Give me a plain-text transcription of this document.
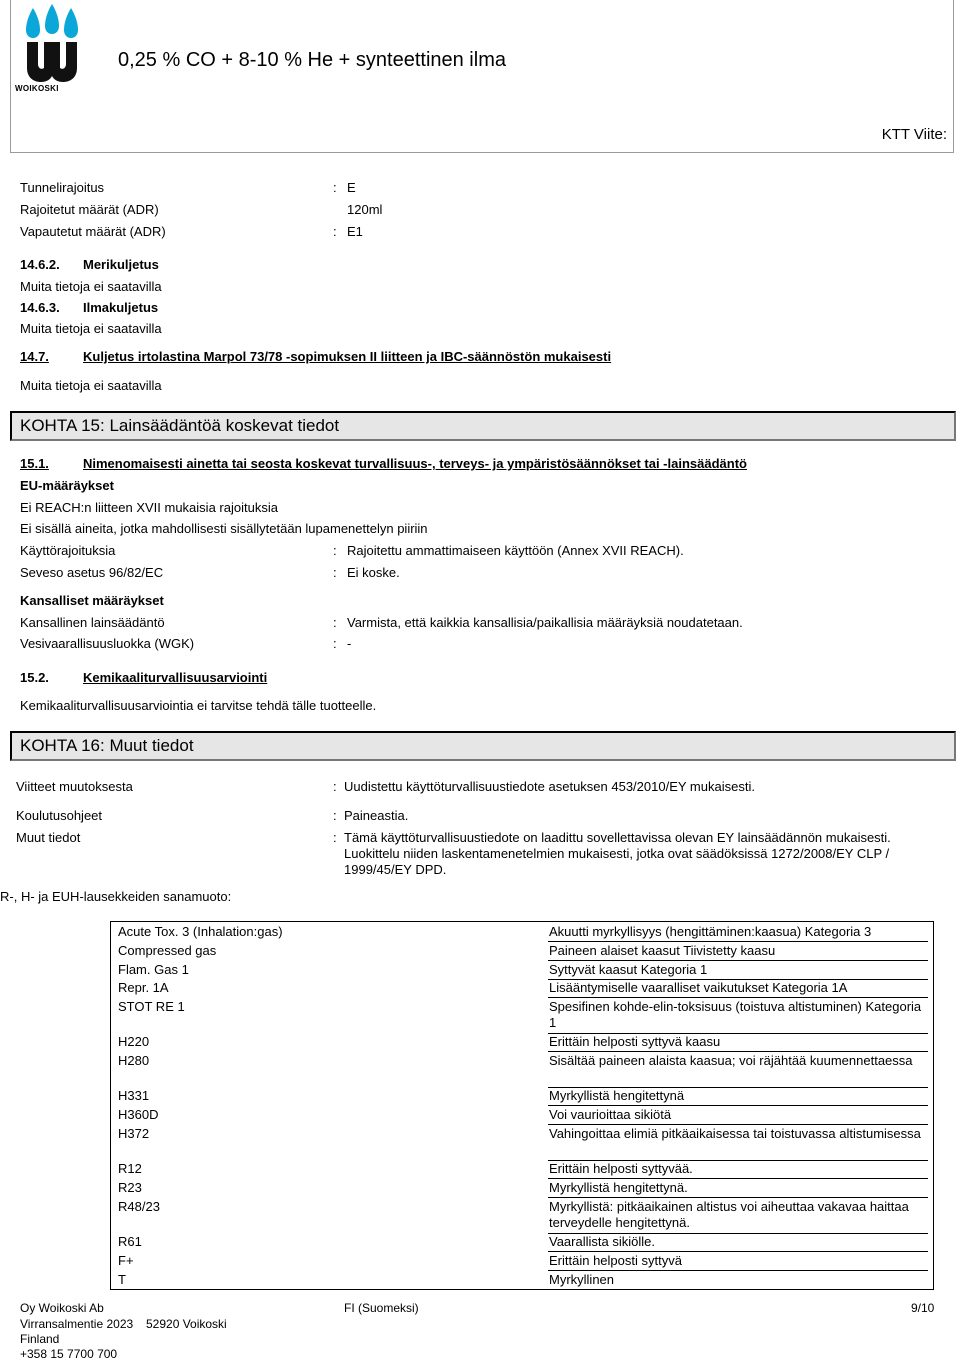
WOIKOSKI
0,25 % CO + 8-10 % He + synteettinen ilma
KTT Viite:
Tunnelirajoitus	: E
Rajoitetut määrät (ADR)	120ml
Vapautetut määrät (ADR)	: E1
14.6.2. Merikuljetus
Muita tietoja ei saatavilla
14.6.3. Ilmakuljetus
Muita tietoja ei saatavilla
14.7.	Kuljetus irtolastina Marpol 73/78 -sopimuksen II liitteen ja IBC-säännöstön mukaisesti
Muita tietoja ei saatavilla
KOHTA 15: Lainsäädäntöä koskevat tiedot
15.1.	Nimenomaisesti ainetta tai seosta koskevat turvallisuus-, terveys- ja ympäristösäännökset tai -lainsäädäntö
EU-määräykset
Ei REACH:n liitteen XVII mukaisia rajoituksia
Ei sisällä aineita, jotka mahdollisesti sisällytetään lupamenettelyn piiriin
Käyttörajoituksia	: Rajoitettu ammattimaiseen käyttöön (Annex XVII REACH).
Seveso asetus 96/82/EC	: Ei koske.
Kansalliset määräykset
Kansallinen lainsäädäntö	: Varmista, että kaikkia kansallisia/paikallisia määräyksiä noudatetaan.
Vesivaarallisuusluokka (WGK)	: -
15.2.	Kemikaaliturvallisuusarviointi
Kemikaaliturvallisuusarviointia ei tarvitse tehdä tälle tuotteelle.
KOHTA 16: Muut tiedot
Viitteet muutoksesta	: Uudistettu käyttöturvallisuustiedote asetuksen 453/2010/EY mukaisesti.
Koulutusohjeet	: Paineastia.
Muut tiedot	: Tämä käyttöturvallisuustiedote on laadittu sovellettavissa olevan EY lainsäädännön mukaisesti.
Luokittelu niiden laskentamenetelmien mukaisesti, jotka ovat säädöksissä 1272/2008/EY CLP /
1999/45/EY DPD.
R-, H- ja EUH-lausekkeiden sanamuoto:
Acute Tox. 3 (Inhalation:gas)	Akuutti myrkyllisyys (hengittäminen:kaasua) Kategoria 3
Compressed gas	Paineen alaiset kaasut Tiivistetty kaasu
Flam. Gas 1	Syttyvät kaasut Kategoria 1
Repr. 1A	Lisääntymiselle vaaralliset vaikutukset Kategoria 1A
STOT RE 1	Spesifinen kohde-elin-toksisuus (toistuva altistuminen) Kategoria 1
H220	Erittäin helposti syttyvä kaasu
H280	Sisältää paineen alaista kaasua; voi räjähtää kuumennettaessa
H331	Myrkyllistä hengitettynä
H360D	Voi vaurioittaa sikiötä
H372	Vahingoittaa elimiä pitkäaikaisessa tai toistuvassa altistumisessa
R12	Erittäin helposti syttyvää.
R23	Myrkyllistä hengitettynä.
R48/23	Myrkyllistä: pitkäaikainen altistus voi aiheuttaa vakavaa haittaa terveydelle hengitettynä.
R61	Vaarallista sikiölle.
F+	Erittäin helposti syttyvä
T	Myrkyllinen
Oy Woikoski Ab
Virransalmentie 2023 52920 Voikoski
Finland
+358 15 7700 700
FI (Suomeksi)	9/10
